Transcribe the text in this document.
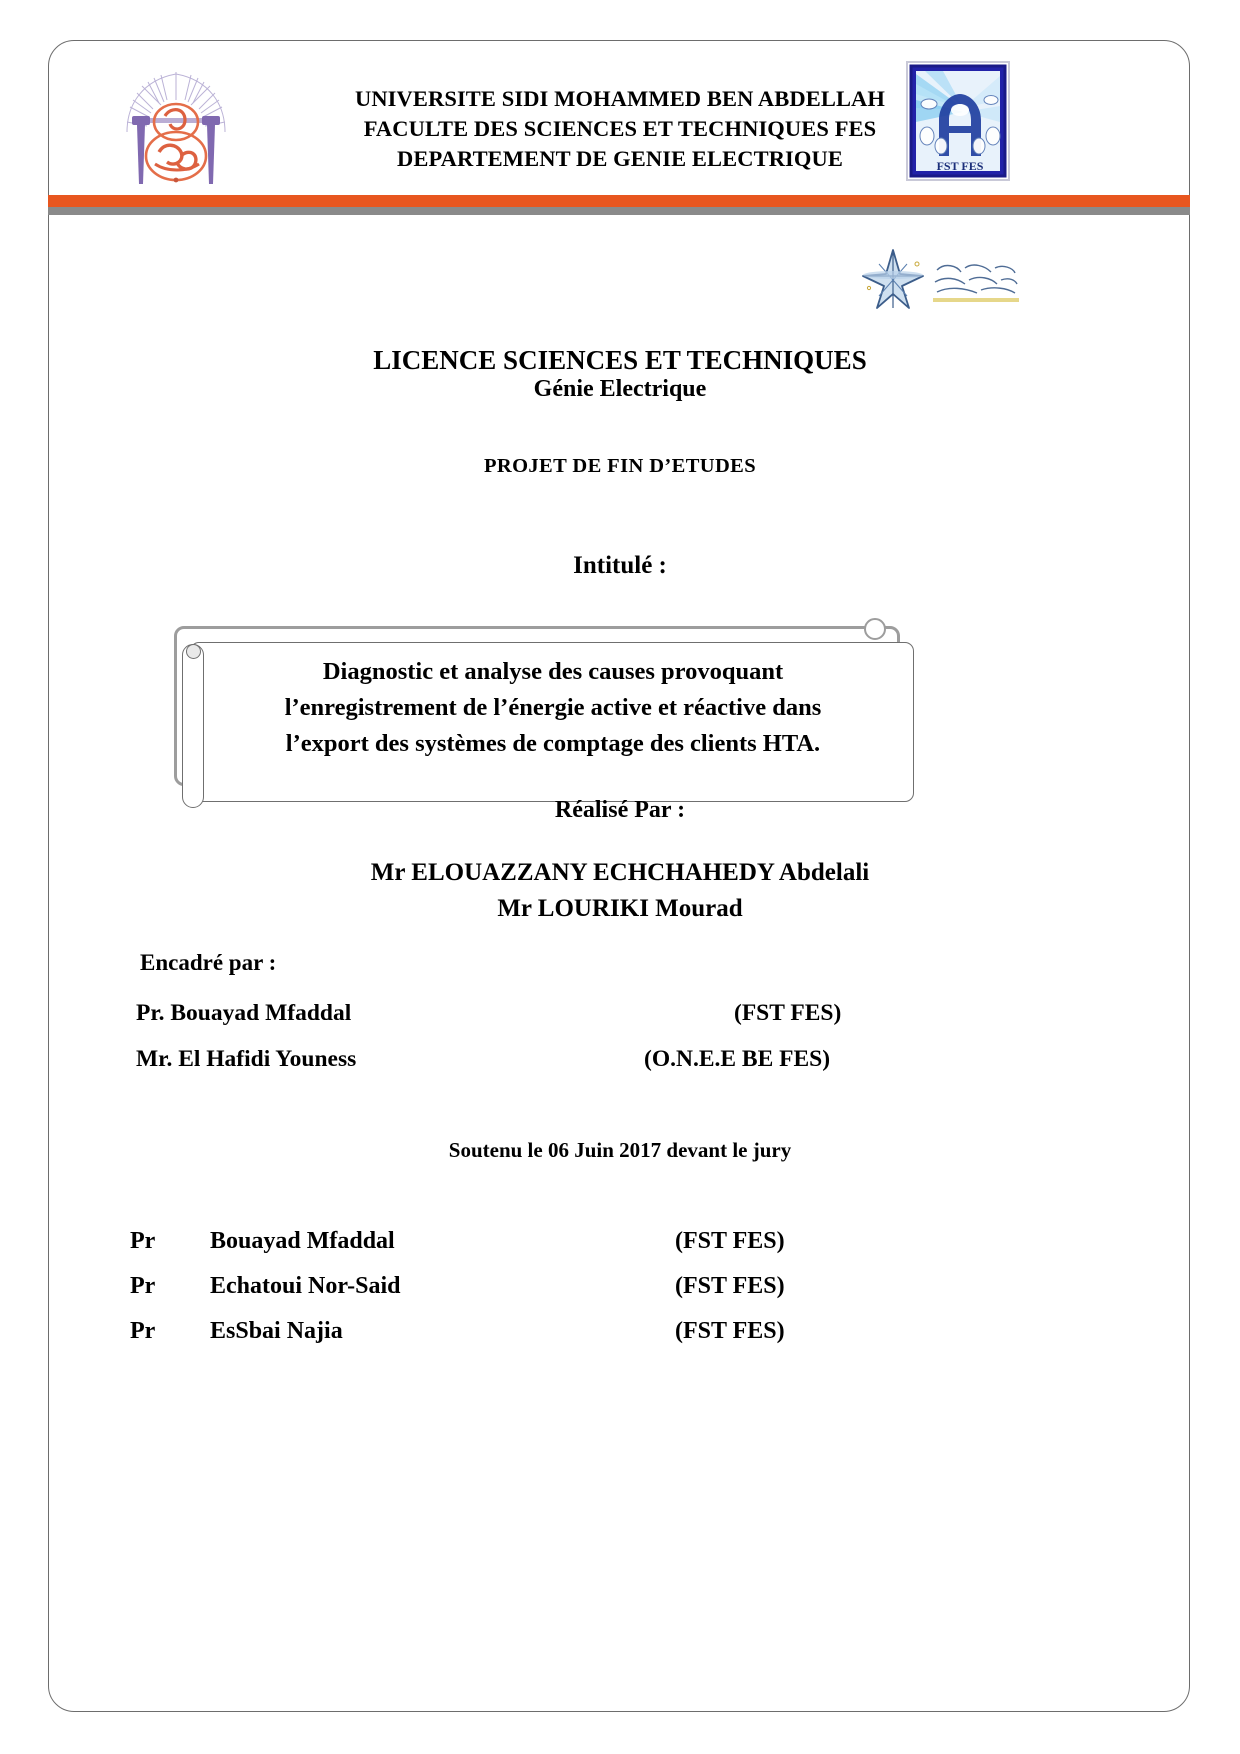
UNIVERSITE SIDI MOHAMMED BEN ABDELLAH
FACULTE DES SCIENCES ET TECHNIQUES FES
DEPARTEMENT DE GENIE ELECTRIQUE	FST FES
LICENCE SCIENCES ET TECHNIQUES
Génie Electrique
PROJET DE FIN D’ETUDES
Intitulé :
Diagnostic et analyse des causes provoquant
l’enregistrement de l’énergie active et réactive dans
l’export des systèmes de comptage des clients HTA.
Réalisé Par :
Mr ELOUAZZANY ECHCHAHEDY Abdelali
Mr LOURIKI Mourad
Encadré par :
Pr. Bouayad Mfaddal	(FST FES)
Mr. El Hafidi Youness	(O.N.E.E BE FES)
Soutenu le 06 Juin 2017 devant le jury
Pr Bouayad Mfaddal	(FST FES)
Pr Echatoui Nor-Said	(FST FES)
Pr EsSbai Najia	(FST FES)
